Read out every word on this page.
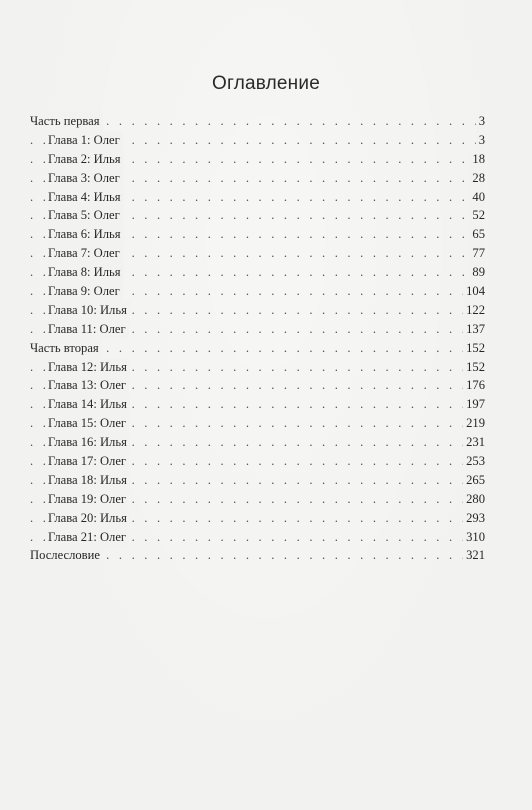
Оглавление
. . .
Часть первая	3
. . .
Глава 1: Олег	3
. . .
Глава 2: Илья	18
. . .
Глава 3: Олег	28
. . .
Глава 4: Илья	40
. . .
Глава 5: Олег	52
. . .
Глава 6: Илья	65
. . .
Глава 7: Олег	77
. . .
Глава 8: Илья	89
. . .
Глава 9: Олег	104
. . .
Глава 10: Илья	122
. . .
Глава 11: Олег	137
. . .
Часть вторая	152
. . .
Глава 12: Илья	152
. . .
Глава 13: Олег	176
. . .
Глава 14: Илья	197
. . .
Глава 15: Олег	219
. . .
Глава 16: Илья	231
. . .
Глава 17: Олег	253
. . .
Глава 18: Илья	265
. . .
Глава 19: Олег	280
. . .
Глава 20: Илья	293
. . .
Глава 21: Олег	310
. . .
Послесловие	321
